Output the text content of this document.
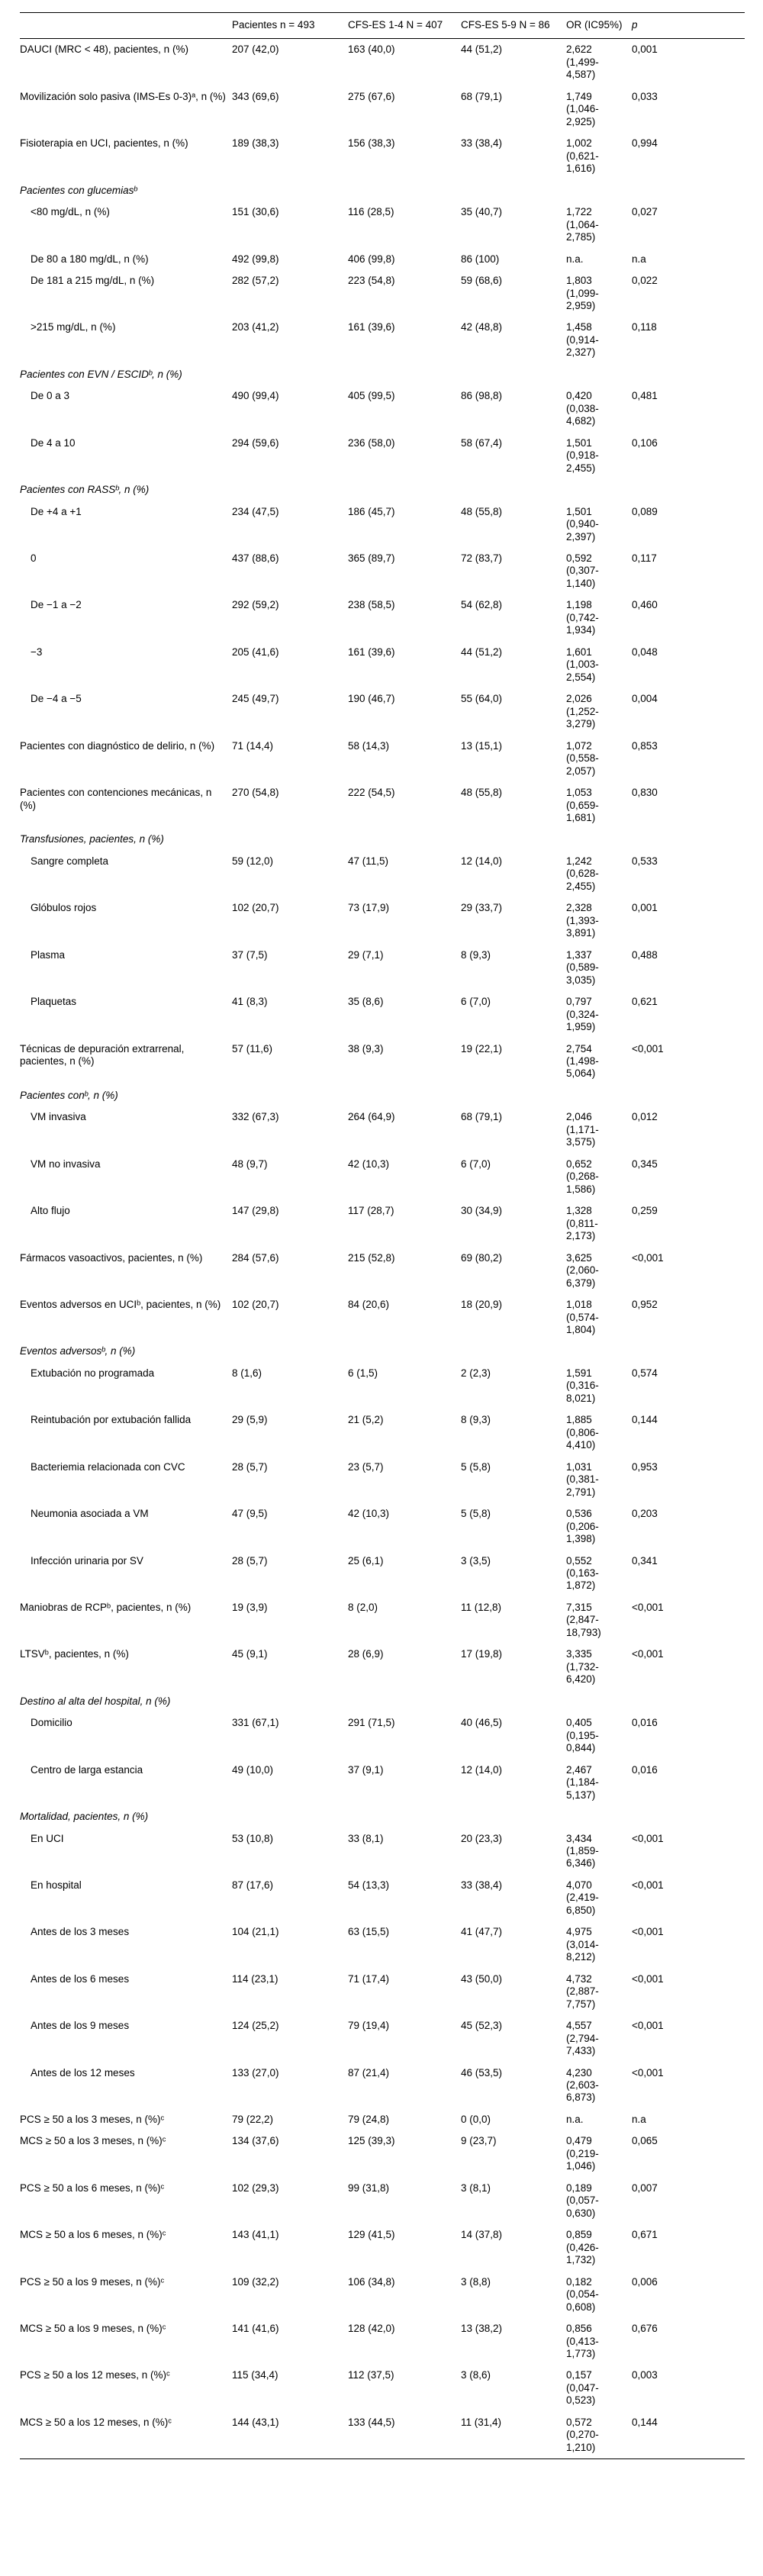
	Pacientes n = 493	CFS-ES 1-4 N = 407	CFS-ES 5-9 N = 86	OR (IC95%)	p
DAUCI (MRC < 48), pacientes, n (%)	207 (42,0)	163 (40,0)	44 (51,2)	2,622 (1,499-4,587)	0,001
Movilización solo pasiva (IMS-Es 0-3)ᵃ, n (%)	343 (69,6)	275 (67,6)	68 (79,1)	1,749 (1,046-2,925)	0,033
Fisioterapia en UCI, pacientes, n (%)	189 (38,3)	156 (38,3)	33 (38,4)	1,002 (0,621-1,616)	0,994
Pacientes con glucemiasᵇ					
<80 mg/dL, n (%)	151 (30,6)	116 (28,5)	35 (40,7)	1,722 (1,064-2,785)	0,027
De 80 a 180 mg/dL, n (%)	492 (99,8)	406 (99,8)	86 (100)	n.a.	n.a
De 181 a 215 mg/dL, n (%)	282 (57,2)	223 (54,8)	59 (68,6)	1,803 (1,099-2,959)	0,022
>215 mg/dL, n (%)	203 (41,2)	161 (39,6)	42 (48,8)	1,458 (0,914-2,327)	0,118
Pacientes con EVN / ESCIDᵇ, n (%)					
De 0 a 3	490 (99,4)	405 (99,5)	86 (98,8)	0,420 (0,038-4,682)	0,481
De 4 a 10	294 (59,6)	236 (58,0)	58 (67,4)	1,501 (0,918-2,455)	0,106
Pacientes con RASSᵇ, n (%)					
De +4 a +1	234 (47,5)	186 (45,7)	48 (55,8)	1,501 (0,940-2,397)	0,089
0	437 (88,6)	365 (89,7)	72 (83,7)	0,592 (0,307-1,140)	0,117
De −1 a −2	292 (59,2)	238 (58,5)	54 (62,8)	1,198 (0,742-1,934)	0,460
−3	205 (41,6)	161 (39,6)	44 (51,2)	1,601 (1,003-2,554)	0,048
De −4 a −5	245 (49,7)	190 (46,7)	55 (64,0)	2,026 (1,252-3,279)	0,004
Pacientes con diagnóstico de delirio, n (%)	71 (14,4)	58 (14,3)	13 (15,1)	1,072 (0,558-2,057)	0,853
Pacientes con contenciones mecánicas, n (%)	270 (54,8)	222 (54,5)	48 (55,8)	1,053 (0,659-1,681)	0,830
Transfusiones, pacientes, n (%)					
Sangre completa	59 (12,0)	47 (11,5)	12 (14,0)	1,242 (0,628-2,455)	0,533
Glóbulos rojos	102 (20,7)	73 (17,9)	29 (33,7)	2,328 (1,393-3,891)	0,001
Plasma	37 (7,5)	29 (7,1)	8 (9,3)	1,337 (0,589-3,035)	0,488
Plaquetas	41 (8,3)	35 (8,6)	6 (7,0)	0,797 (0,324-1,959)	0,621
Técnicas de depuración extrarrenal, pacientes, n (%)	57 (11,6)	38 (9,3)	19 (22,1)	2,754 (1,498-5,064)	<0,001
Pacientes conᵇ, n (%)					
VM invasiva	332 (67,3)	264 (64,9)	68 (79,1)	2,046 (1,171-3,575)	0,012
VM no invasiva	48 (9,7)	42 (10,3)	6 (7,0)	0,652 (0,268-1,586)	0,345
Alto flujo	147 (29,8)	117 (28,7)	30 (34,9)	1,328 (0,811-2,173)	0,259
Fármacos vasoactivos, pacientes, n (%)	284 (57,6)	215 (52,8)	69 (80,2)	3,625 (2,060-6,379)	<0,001
Eventos adversos en UCIᵇ, pacientes, n (%)	102 (20,7)	84 (20,6)	18 (20,9)	1,018 (0,574-1,804)	0,952
Eventos adversosᵇ, n (%)					
Extubación no programada	8 (1,6)	6 (1,5)	2 (2,3)	1,591 (0,316-8,021)	0,574
Reintubación por extubación fallida	29 (5,9)	21 (5,2)	8 (9,3)	1,885 (0,806-4,410)	0,144
Bacteriemia relacionada con CVC	28 (5,7)	23 (5,7)	5 (5,8)	1,031 (0,381-2,791)	0,953
Neumonia asociada a VM	47 (9,5)	42 (10,3)	5 (5,8)	0,536 (0,206-1,398)	0,203
Infección urinaria por SV	28 (5,7)	25 (6,1)	3 (3,5)	0,552 (0,163-1,872)	0,341
Maniobras de RCPᵇ, pacientes, n (%)	19 (3,9)	8 (2,0)	11 (12,8)	7,315 (2,847-18,793)	<0,001
LTSVᵇ, pacientes, n (%)	45 (9,1)	28 (6,9)	17 (19,8)	3,335 (1,732-6,420)	<0,001
Destino al alta del hospital, n (%)					
Domicilio	331 (67,1)	291 (71,5)	40 (46,5)	0,405 (0,195-0,844)	0,016
Centro de larga estancia	49 (10,0)	37 (9,1)	12 (14,0)	2,467 (1,184-5,137)	0,016
Mortalidad, pacientes, n (%)					
En UCI	53 (10,8)	33 (8,1)	20 (23,3)	3,434 (1,859-6,346)	<0,001
En hospital	87 (17,6)	54 (13,3)	33 (38,4)	4,070 (2,419-6,850)	<0,001
Antes de los 3 meses	104 (21,1)	63 (15,5)	41 (47,7)	4,975 (3,014-8,212)	<0,001
Antes de los 6 meses	114 (23,1)	71 (17,4)	43 (50,0)	4,732 (2,887-7,757)	<0,001
Antes de los 9 meses	124 (25,2)	79 (19,4)	45 (52,3)	4,557 (2,794-7,433)	<0,001
Antes de los 12 meses	133 (27,0)	87 (21,4)	46 (53,5)	4,230 (2,603-6,873)	<0,001
PCS ≥ 50 a los 3 meses, n (%)ᶜ	79 (22,2)	79 (24,8)	0 (0,0)	n.a.	n.a
MCS ≥ 50 a los 3 meses, n (%)ᶜ	134 (37,6)	125 (39,3)	9 (23,7)	0,479 (0,219-1,046)	0,065
PCS ≥ 50 a los 6 meses, n (%)ᶜ	102 (29,3)	99 (31,8)	3 (8,1)	0,189 (0,057-0,630)	0,007
MCS ≥ 50 a los 6 meses, n (%)ᶜ	143 (41,1)	129 (41,5)	14 (37,8)	0,859 (0,426-1,732)	0,671
PCS ≥ 50 a los 9 meses, n (%)ᶜ	109 (32,2)	106 (34,8)	3 (8,8)	0,182 (0,054-0,608)	0,006
MCS ≥ 50 a los 9 meses, n (%)ᶜ	141 (41,6)	128 (42,0)	13 (38,2)	0,856 (0,413-1,773)	0,676
PCS ≥ 50 a los 12 meses, n (%)ᶜ	115 (34,4)	112 (37,5)	3 (8,6)	0,157 (0,047-0,523)	0,003
MCS ≥ 50 a los 12 meses, n (%)ᶜ	144 (43,1)	133 (44,5)	11 (31,4)	0,572 (0,270-1,210)	0,144
